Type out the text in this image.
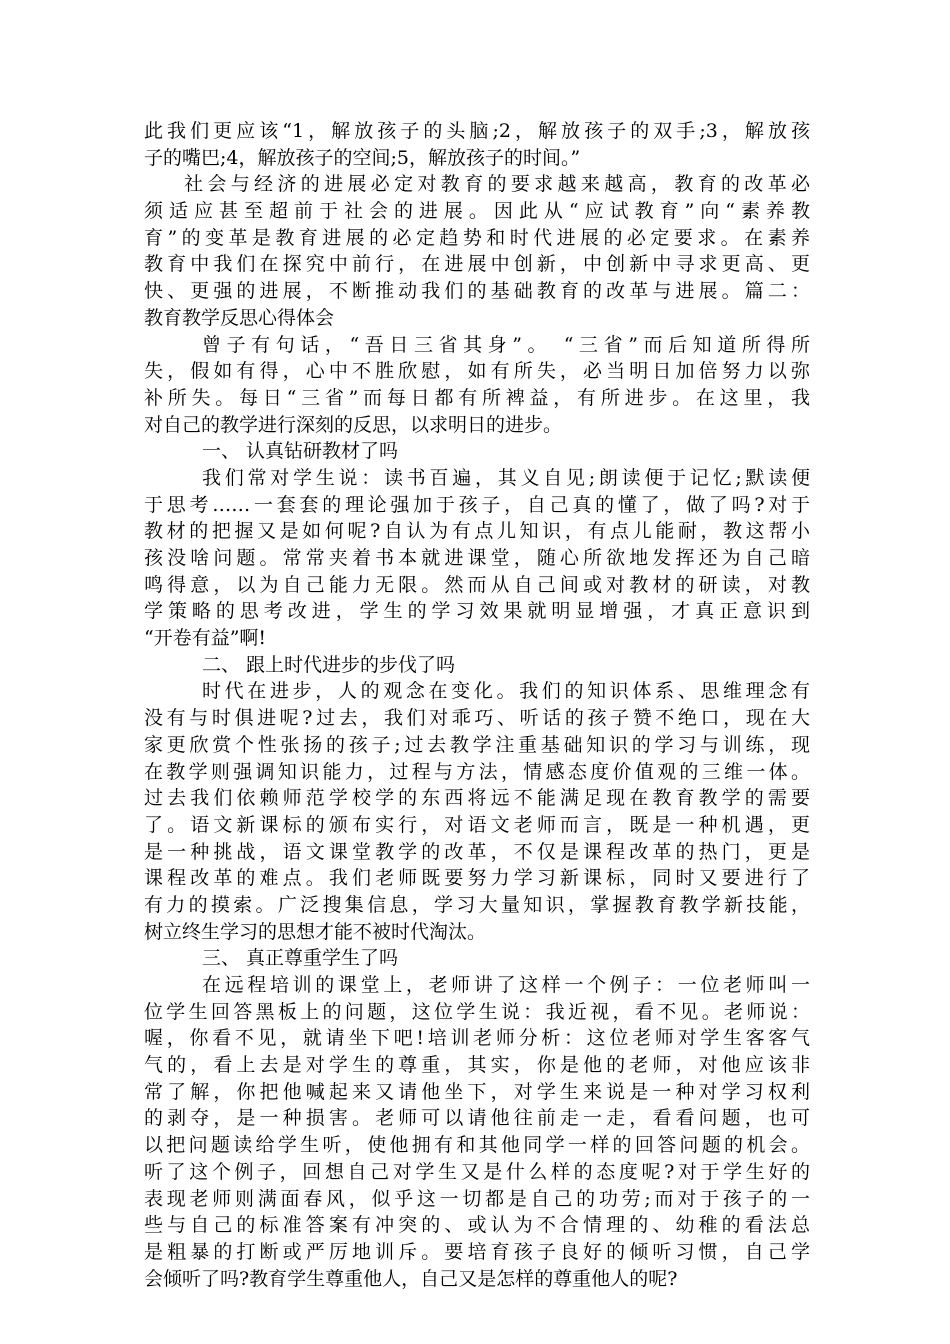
此我们更应该“1，解放孩子的头脑;2，解放孩子的双手;3，解放孩
子的嘴巴;4，解放孩子的空间;5，解放孩子的时间。”
社会与经济的进展必定对教育的要求越来越高，教育的改革必
须适应甚至超前于社会的进展。因此从“应试教育”向“素养教
育”的变革是教育进展的必定趋势和时代进展的必定要求。在素养
教育中我们在探究中前行，在进展中创新，中创新中寻求更高、更
快、更强的进展，不断推动我们的基础教育的改革与进展。篇二：
教育教学反思心得体会
曾子有句话，“吾日三省其身”。 “三省”而后知道所得所
失，假如有得，心中不胜欣慰，如有所失，必当明日加倍努力以弥
补所失。每日“三省”而每日都有所裨益，有所进步。在这里，我
对自己的教学进行深刻的反思，以求明日的进步。
一、 认真钻研教材了吗
我们常对学生说：读书百遍，其义自见;朗读便于记忆;默读便
于思考……一套套的理论强加于孩子，自己真的懂了，做了吗?对于
教材的把握又是如何呢?自认为有点儿知识，有点儿能耐，教这帮小
孩没啥问题。常常夹着书本就进课堂，随心所欲地发挥还为自己暗
鸣得意，以为自己能力无限。然而从自己间或对教材的研读，对教
学策略的思考改进，学生的学习效果就明显增强，才真正意识到
“开卷有益”啊!
二、 跟上时代进步的步伐了吗
时代在进步，人的观念在变化。我们的知识体系、思维理念有
没有与时俱进呢?过去，我们对乖巧、听话的孩子赞不绝口，现在大
家更欣赏个性张扬的孩子;过去教学注重基础知识的学习与训练，现
在教学则强调知识能力，过程与方法，情感态度价值观的三维一体。
过去我们依赖师范学校学的东西将远不能满足现在教育教学的需要
了。语文新课标的颁布实行，对语文老师而言，既是一种机遇，更
是一种挑战，语文课堂教学的改革，不仅是课程改革的热门，更是
课程改革的难点。我们老师既要努力学习新课标，同时又要进行了
有力的摸索。广泛搜集信息，学习大量知识，掌握教育教学新技能，
树立终生学习的思想才能不被时代淘汰。
三、 真正尊重学生了吗
在远程培训的课堂上，老师讲了这样一个例子：一位老师叫一
位学生回答黑板上的问题，这位学生说：我近视，看不见。老师说：
喔，你看不见，就请坐下吧!培训老师分析：这位老师对学生客客气
气的，看上去是对学生的尊重，其实，你是他的老师，对他应该非
常了解，你把他喊起来又请他坐下，对学生来说是一种对学习权利
的剥夺，是一种损害。老师可以请他往前走一走，看看问题，也可
以把问题读给学生听，使他拥有和其他同学一样的回答问题的机会。
听了这个例子，回想自己对学生又是什么样的态度呢?对于学生好的
表现老师则满面春风，似乎这一切都是自己的功劳;而对于孩子的一
些与自己的标准答案有冲突的、或认为不合情理的、幼稚的看法总
是粗暴的打断或严厉地训斥。要培育孩子良好的倾听习惯，自己学
会倾听了吗?教育学生尊重他人，自己又是怎样的尊重他人的呢?
